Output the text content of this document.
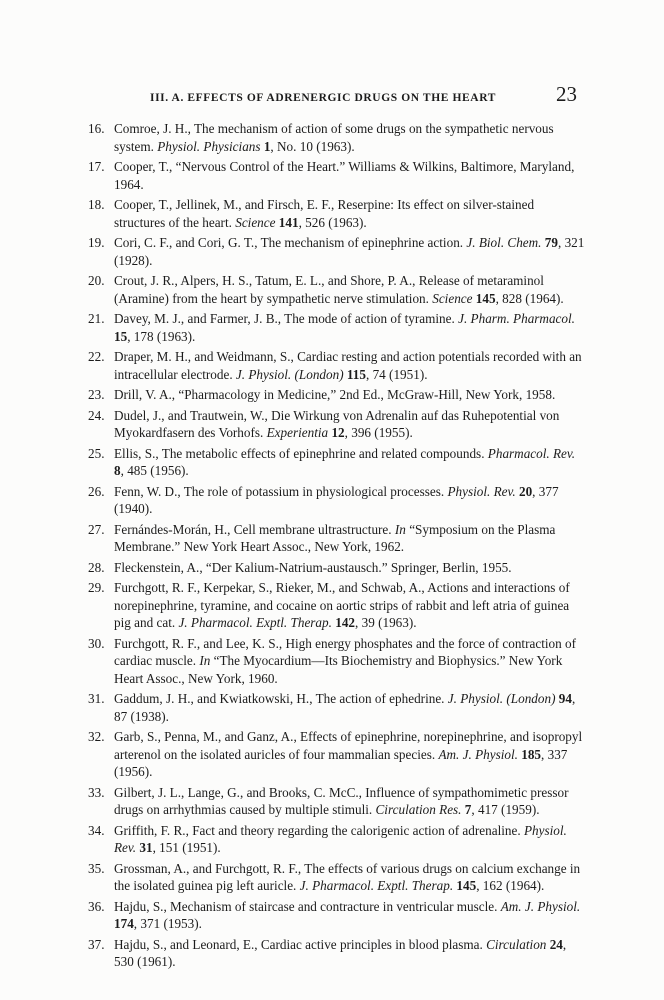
III. A. EFFECTS OF ADRENERGIC DRUGS ON THE HEART	23
16. Comroe, J. H., The mechanism of action of some drugs on the sympathetic nervous system. Physiol. Physicians 1, No. 10 (1963).
17. Cooper, T., “Nervous Control of the Heart.” Williams & Wilkins, Baltimore, Maryland, 1964.
18. Cooper, T., Jellinek, M., and Firsch, E. F., Reserpine: Its effect on silver-stained structures of the heart. Science 141, 526 (1963).
19. Cori, C. F., and Cori, G. T., The mechanism of epinephrine action. J. Biol. Chem. 79, 321 (1928).
20. Crout, J. R., Alpers, H. S., Tatum, E. L., and Shore, P. A., Release of metaraminol (Aramine) from the heart by sympathetic nerve stimulation. Science 145, 828 (1964).
21. Davey, M. J., and Farmer, J. B., The mode of action of tyramine. J. Pharm. Pharmacol. 15, 178 (1963).
22. Draper, M. H., and Weidmann, S., Cardiac resting and action potentials recorded with an intracellular electrode. J. Physiol. (London) 115, 74 (1951).
23. Drill, V. A., “Pharmacology in Medicine,” 2nd Ed., McGraw-Hill, New York, 1958.
24. Dudel, J., and Trautwein, W., Die Wirkung von Adrenalin auf das Ruhepotential von Myokardfasern des Vorhofs. Experientia 12, 396 (1955).
25. Ellis, S., The metabolic effects of epinephrine and related compounds. Pharmacol. Rev. 8, 485 (1956).
26. Fenn, W. D., The role of potassium in physiological processes. Physiol. Rev. 20, 377 (1940).
27. Fernándes-Morán, H., Cell membrane ultrastructure. In “Symposium on the Plasma Membrane.” New York Heart Assoc., New York, 1962.
28. Fleckenstein, A., “Der Kalium-Natrium-austausch.” Springer, Berlin, 1955.
29. Furchgott, R. F., Kerpekar, S., Rieker, M., and Schwab, A., Actions and interactions of norepinephrine, tyramine, and cocaine on aortic strips of rabbit and left atria of guinea pig and cat. J. Pharmacol. Exptl. Therap. 142, 39 (1963).
30. Furchgott, R. F., and Lee, K. S., High energy phosphates and the force of contraction of cardiac muscle. In “The Myocardium—Its Biochemistry and Biophysics.” New York Heart Assoc., New York, 1960.
31. Gaddum, J. H., and Kwiatkowski, H., The action of ephedrine. J. Physiol. (London) 94, 87 (1938).
32. Garb, S., Penna, M., and Ganz, A., Effects of epinephrine, norepinephrine, and isopropyl arterenol on the isolated auricles of four mammalian species. Am. J. Physiol. 185, 337 (1956).
33. Gilbert, J. L., Lange, G., and Brooks, C. McC., Influence of sympathomimetic pressor drugs on arrhythmias caused by multiple stimuli. Circulation Res. 7, 417 (1959).
34. Griffith, F. R., Fact and theory regarding the calorigenic action of adrenaline. Physiol. Rev. 31, 151 (1951).
35. Grossman, A., and Furchgott, R. F., The effects of various drugs on calcium exchange in the isolated guinea pig left auricle. J. Pharmacol. Exptl. Therap. 145, 162 (1964).
36. Hajdu, S., Mechanism of staircase and contracture in ventricular muscle. Am. J. Physiol. 174, 371 (1953).
37. Hajdu, S., and Leonard, E., Cardiac active principles in blood plasma. Circulation 24, 530 (1961).
